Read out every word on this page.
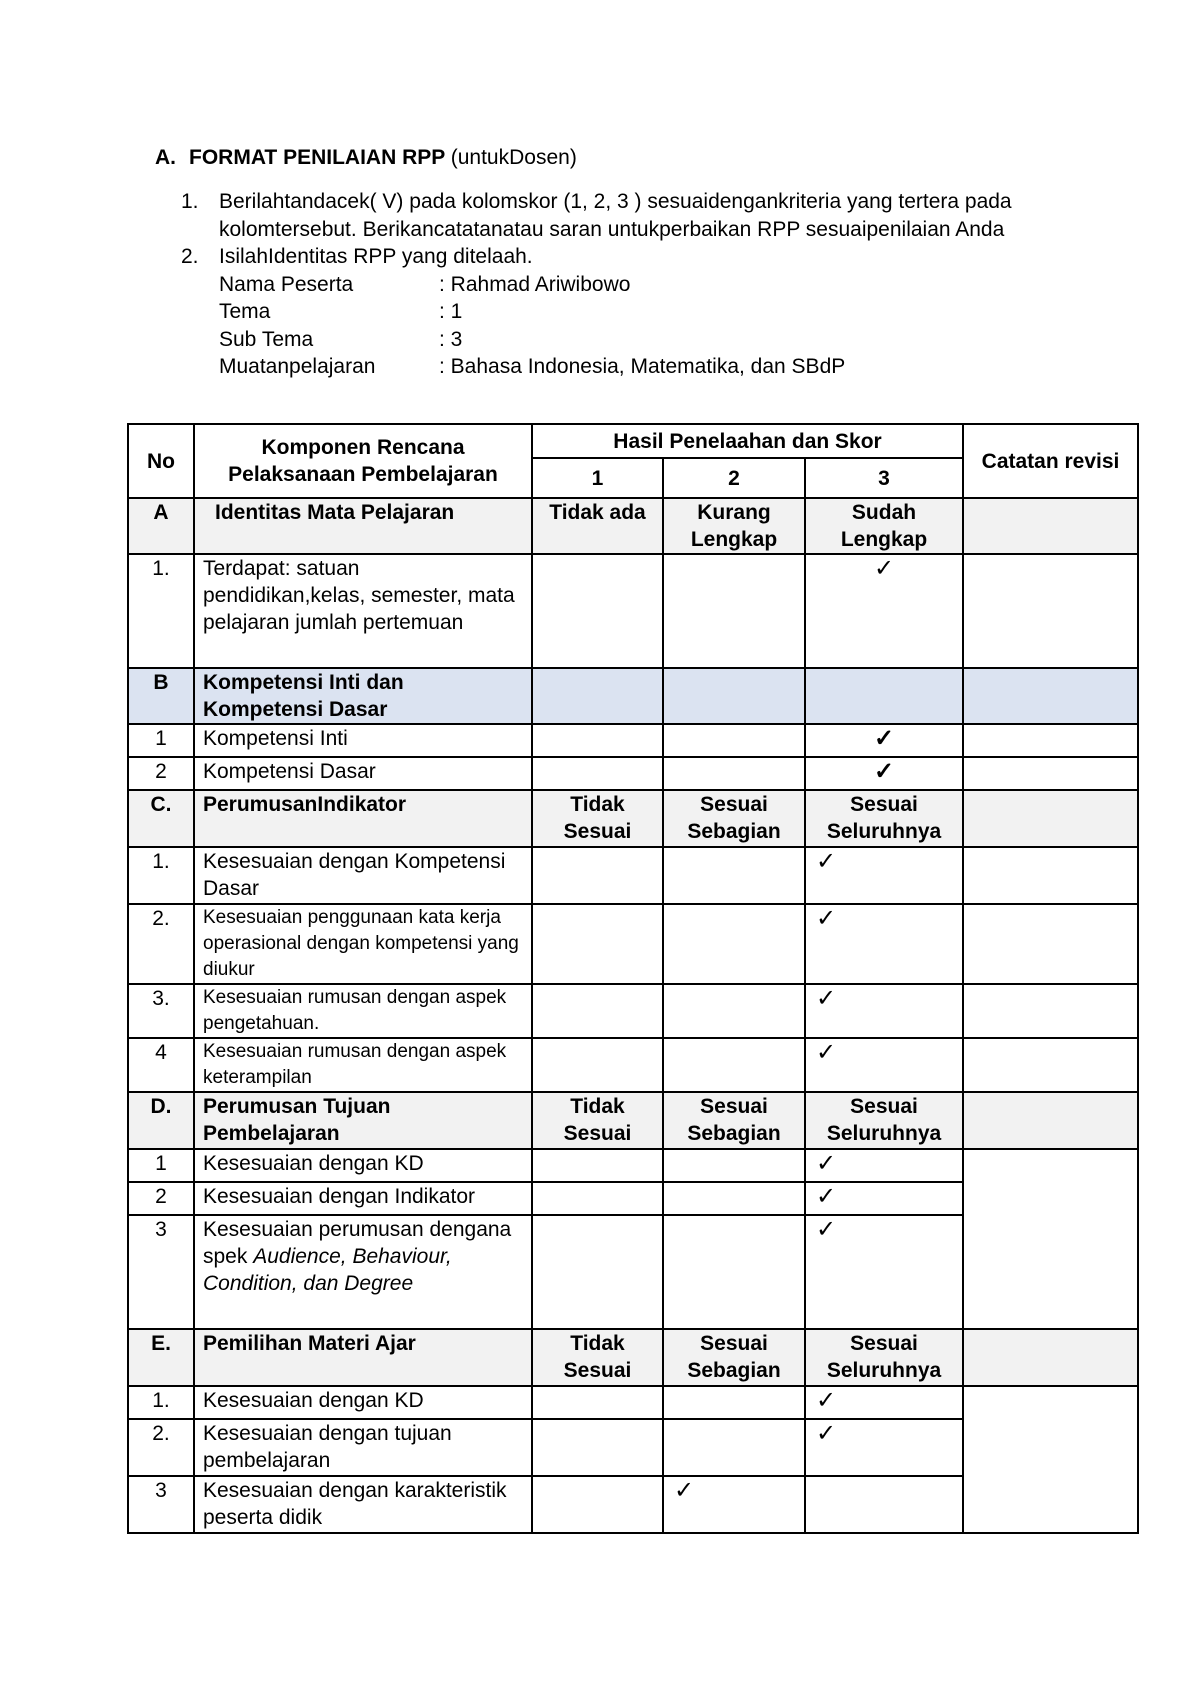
A. FORMAT PENILAIAN RPP (untukDosen)
1. Berilahtandacek( V) pada kolomskor (1, 2, 3 ) sesuaidengankriteria yang tertera pada kolomtersebut. Berikancatatanatau saran untukperbaikan RPP sesuaipenilaian Anda
2. IsilahIdentitas RPP yang ditelaah.
Nama Peserta	: Rahmad Ariwibowo
Tema	: 1
Sub Tema	: 3
Muatanpelajaran	: Bahasa Indonesia, Matematika, dan SBdP
No	Komponen Rencana Pelaksanaan Pembelajaran	Hasil Penelaahan dan Skor			Catatan revisi
		1	2	3	
A	Identitas Mata Pelajaran	Tidak ada	Kurang Lengkap	Sudah Lengkap	
1.	Terdapat: satuan pendidikan,kelas, semester, mata pelajaran jumlah pertemuan			✓	
B	Kompetensi Inti dan Kompetensi Dasar				
1	Kompetensi Inti			✓	
2	Kompetensi Dasar			✓	
C.	PerumusanIndikator	Tidak Sesuai	Sesuai Sebagian	Sesuai Seluruhnya	
1.	Kesesuaian dengan Kompetensi Dasar			✓	
2.	Kesesuaian penggunaan kata kerja operasional dengan kompetensi yang diukur			✓	
3.	Kesesuaian rumusan dengan aspek pengetahuan.			✓	
4	Kesesuaian rumusan dengan aspek keterampilan			✓	
D.	Perumusan Tujuan Pembelajaran	Tidak Sesuai	Sesuai Sebagian	Sesuai Seluruhnya	
1	Kesesuaian dengan KD			✓	
2	Kesesuaian dengan Indikator			✓	
3	Kesesuaian perumusan dengana spek Audience, Behaviour, Condition, dan Degree			✓	
E.	Pemilihan Materi Ajar	Tidak Sesuai	Sesuai Sebagian	Sesuai Seluruhnya	
1.	Kesesuaian dengan KD			✓	
2.	Kesesuaian dengan tujuan pembelajaran			✓	
3	Kesesuaian dengan karakteristik peserta didik		✓		
